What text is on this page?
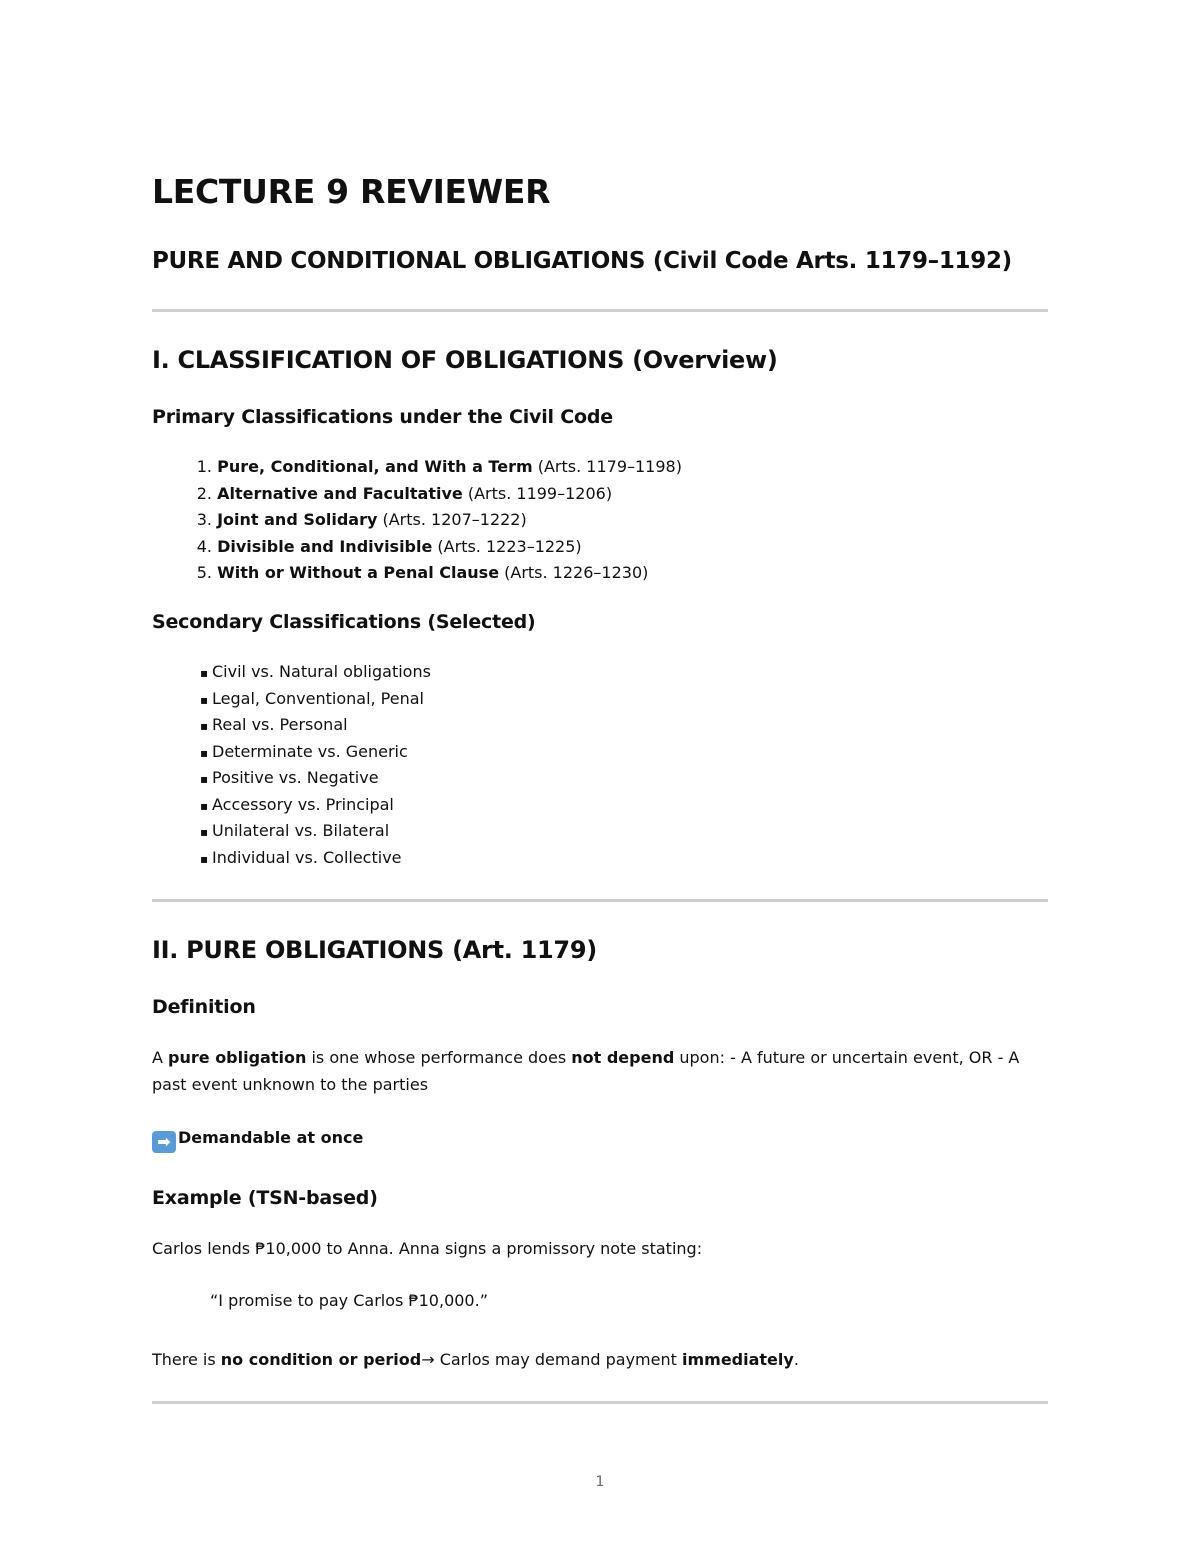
LECTURE 9 REVIEWER
PURE AND CONDITIONAL OBLIGATIONS (Civil Code Arts. 1179–1192)
I. CLASSIFICATION OF OBLIGATIONS (Overview)
Primary Classifications under the Civil Code
1. Pure, Conditional, and With a Term (Arts. 1179–1198)
2. Alternative and Facultative (Arts. 1199–1206)
3. Joint and Solidary (Arts. 1207–1222)
4. Divisible and Indivisible (Arts. 1223–1225)
5. With or Without a Penal Clause (Arts. 1226–1230)
Secondary Classifications (Selected)
▪ Civil vs. Natural obligations
▪ Legal, Conventional, Penal
▪ Real vs. Personal
▪ Determinate vs. Generic
▪ Positive vs. Negative
▪ Accessory vs. Principal
▪ Unilateral vs. Bilateral
▪ Individual vs. Collective
II. PURE OBLIGATIONS (Art. 1179)
Definition

A pure obligation is one whose performance does not depend upon: - A future or uncertain event, OR - A past event unknown to the parties

➡ Demandable at once

Example (TSN-based)

Carlos lends ₱10,000 to Anna. Anna signs a promissory note stating:

“I promise to pay Carlos ₱10,000.”

There is no condition or period→ Carlos may demand payment immediately.

1
